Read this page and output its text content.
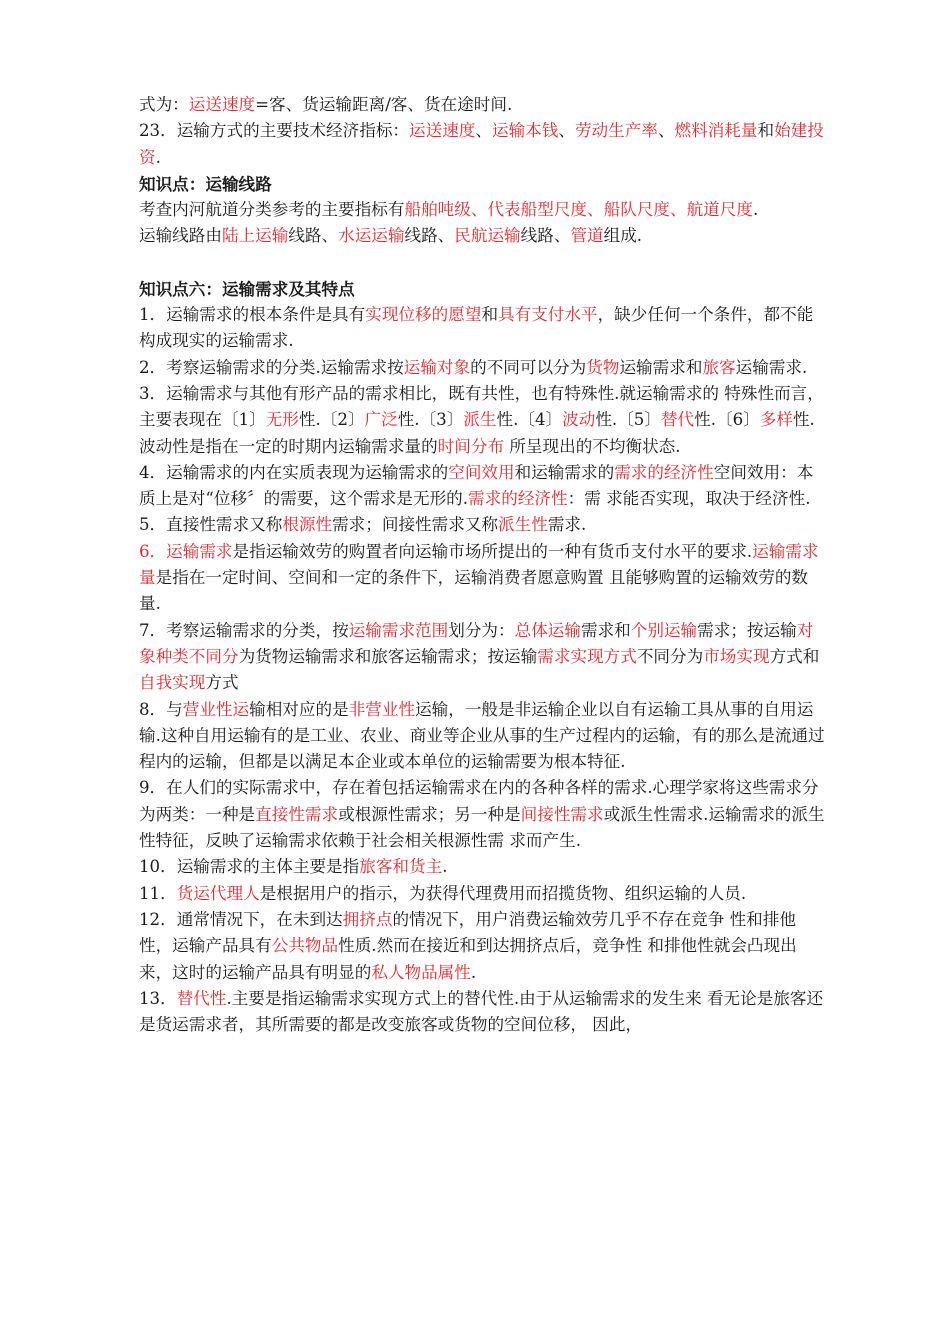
式为：运送速度=客、货运输距离/客、货在途时间.

23．运输方式的主要技术经济指标：运送速度、运输本钱、劳动生产率、燃料消耗量和始建投资.

知识点：运输线路

考查内河航道分类参考的主要指标有船舶吨级、代表船型尺度、船队尺度、航道尺度.

运输线路由陆上运输线路、水运运输线路、民航运输线路、管道组成.

知识点六：运输需求及其特点

1．运输需求的根本条件是具有实现位移的愿望和具有支付水平，缺少任何一个条件，都不能构成现实的运输需求.

2．考察运输需求的分类.运输需求按运输对象的不同可以分为货物运输需求和旅客运输需求.

3．运输需求与其他有形产品的需求相比，既有共性，也有特殊性.就运输需求的 特殊性而言，主要表现在〔1〕无形性.〔2〕广泛性.〔3〕派生性.〔4〕波动性.〔5〕替代性.〔6〕多样性.波动性是指在一定的时期内运输需求量的时间分布 所呈现出的不均衡状态.

4．运输需求的内在实质表现为运输需求的空间效用和运输需求的需求的经济性空间效用：本质上是对“位移〞的需要，这个需求是无形的.需求的经济性：需 求能否实现，取决于经济性.

5．直接性需求又称根源性需求；间接性需求又称派生性需求.

6．运输需求是指运输效劳的购置者向运输市场所提出的一种有货币支付水平的要求.运输需求量是指在一定时间、空间和一定的条件下，运输消费者愿意购置 且能够购置的运输效劳的数量.

7．考察运输需求的分类，按运输需求范围划分为：总体运输需求和个别运输需求；按运输对象种类不同分为货物运输需求和旅客运输需求；按运输需求实现方式不同分为市场实现方式和自我实现方式

8．与营业性运输相对应的是非营业性运输，一般是非运输企业以自有运输工具从事的自用运输.这种自用运输有的是工业、农业、商业等企业从事的生产过程内的运输，有的那么是流通过程内的运输，但都是以满足本企业或本单位的运输需要为根本特征.

9．在人们的实际需求中，存在着包括运输需求在内的各种各样的需求.心理学家将这些需求分为两类：一种是直接性需求或根源性需求；另一种是间接性需求或派生性需求.运输需求的派生性特征，反映了运输需求依赖于社会相关根源性需 求而产生.

10．运输需求的主体主要是指旅客和货主.

11．货运代理人是根据用户的指示，为获得代理费用而招揽货物、组织运输的人员.

12．通常情况下，在未到达拥挤点的情况下，用户消费运输效劳几乎不存在竞争 性和排他性，运输产品具有公共物品性质.然而在接近和到达拥挤点后，竞争性 和排他性就会凸现出来，这时的运输产品具有明显的私人物品属性.

13．替代性.主要是指运输需求实现方式上的替代性.由于从运输需求的发生来 看无论是旅客还是货运需求者，其所需要的都是改变旅客或货物的空间位移， 因此，
